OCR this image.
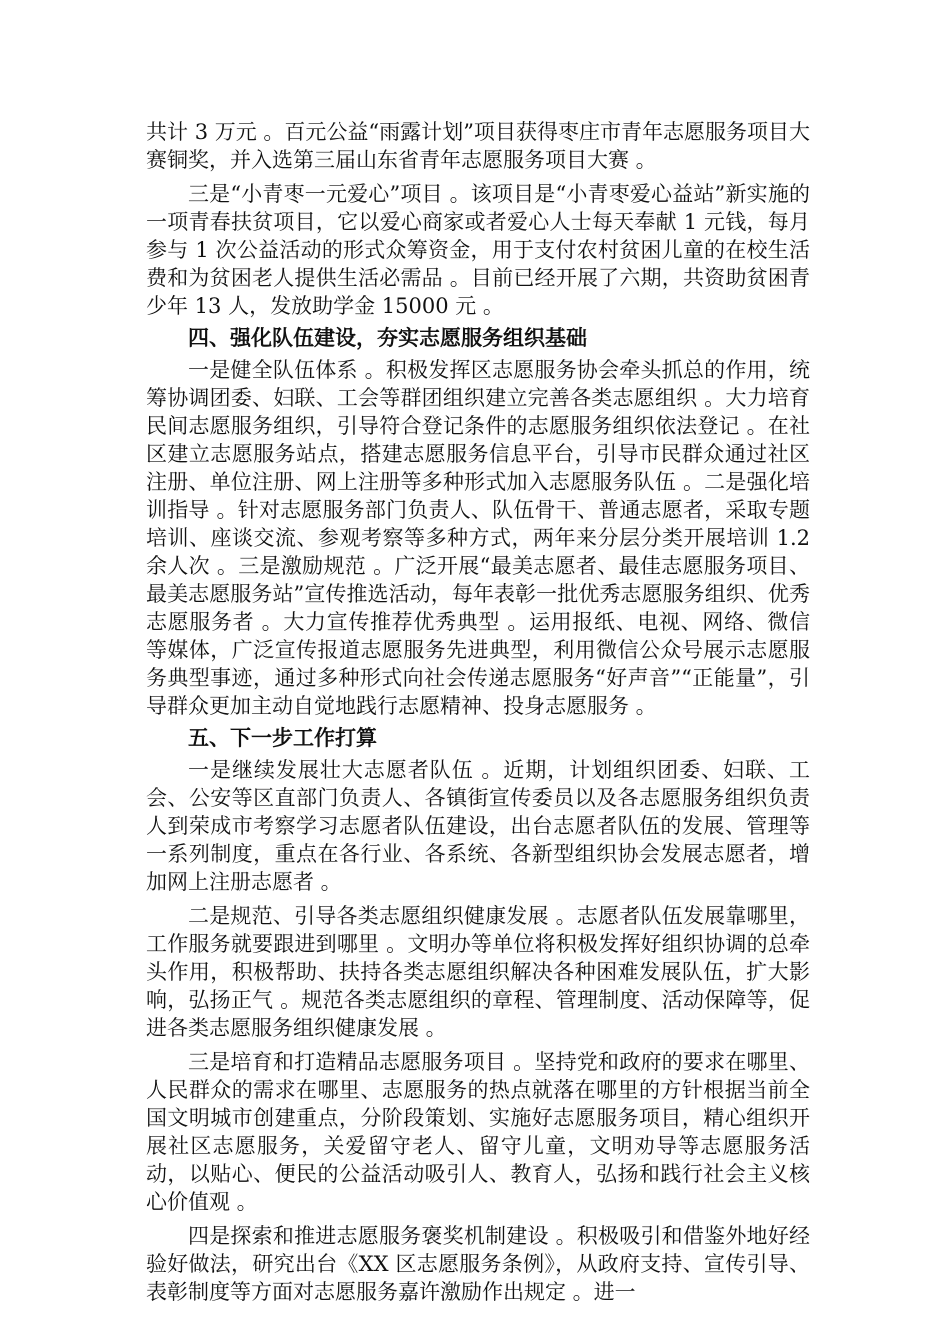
共计 3 万元 。百元公益“雨露计划”项目获得枣庄市青年志愿服务项目大赛铜奖，并入选第三届山东省青年志愿服务项目大赛 。

三是“小青枣一元爱心”项目 。该项目是“小青枣爱心益站”新实施的一项青春扶贫项目，它以爱心商家或者爱心人士每天奉献 1 元钱，每月参与 1 次公益活动的形式众筹资金，用于支付农村贫困儿童的在校生活费和为贫困老人提供生活必需品 。目前已经开展了六期，共资助贫困青少年 13 人，发放助学金 15000 元 。

四、强化队伍建设，夯实志愿服务组织基础

一是健全队伍体系 。积极发挥区志愿服务协会牵头抓总的作用，统筹协调团委、妇联、工会等群团组织建立完善各类志愿组织 。大力培育民间志愿服务组织，引导符合登记条件的志愿服务组织依法登记 。在社区建立志愿服务站点，搭建志愿服务信息平台，引导市民群众通过社区注册、单位注册、网上注册等多种形式加入志愿服务队伍 。二是强化培训指导 。针对志愿服务部门负责人、队伍骨干、普通志愿者，采取专题培训、座谈交流、参观考察等多种方式，两年来分层分类开展培训 1.2 余人次 。三是激励规范 。广泛开展“最美志愿者、最佳志愿服务项目、最美志愿服务站”宣传推选活动，每年表彰一批优秀志愿服务组织、优秀志愿服务者 。大力宣传推荐优秀典型 。运用报纸、电视、网络、微信等媒体，广泛宣传报道志愿服务先进典型，利用微信公众号展示志愿服务典型事迹，通过多种形式向社会传递志愿服务“好声音”“正能量”，引导群众更加主动自觉地践行志愿精神、投身志愿服务 。

五、下一步工作打算

一是继续发展壮大志愿者队伍 。近期，计划组织团委、妇联、工会、公安等区直部门负责人、各镇街宣传委员以及各志愿服务组织负责人到荣成市考察学习志愿者队伍建设，出台志愿者队伍的发展、管理等一系列制度，重点在各行业、各系统、各新型组织协会发展志愿者，增加网上注册志愿者 。

二是规范、引导各类志愿组织健康发展 。志愿者队伍发展靠哪里，工作服务就要跟进到哪里 。文明办等单位将积极发挥好组织协调的总牵头作用，积极帮助、扶持各类志愿组织解决各种困难发展队伍，扩大影响，弘扬正气 。规范各类志愿组织的章程、管理制度、活动保障等，促进各类志愿服务组织健康发展 。

三是培育和打造精品志愿服务项目 。坚持党和政府的要求在哪里、人民群众的需求在哪里、志愿服务的热点就落在哪里的方针根据当前全国文明城市创建重点，分阶段策划、实施好志愿服务项目，精心组织开展社区志愿服务，关爱留守老人、留守儿童，文明劝导等志愿服务活动，以贴心、便民的公益活动吸引人、教育人，弘扬和践行社会主义核心价值观 。

四是探索和推进志愿服务褒奖机制建设 。积极吸引和借鉴外地好经验好做法，研究出台《XX 区志愿服务条例》，从政府支持、宣传引导、表彰制度等方面对志愿服务嘉许激励作出规定 。进一
